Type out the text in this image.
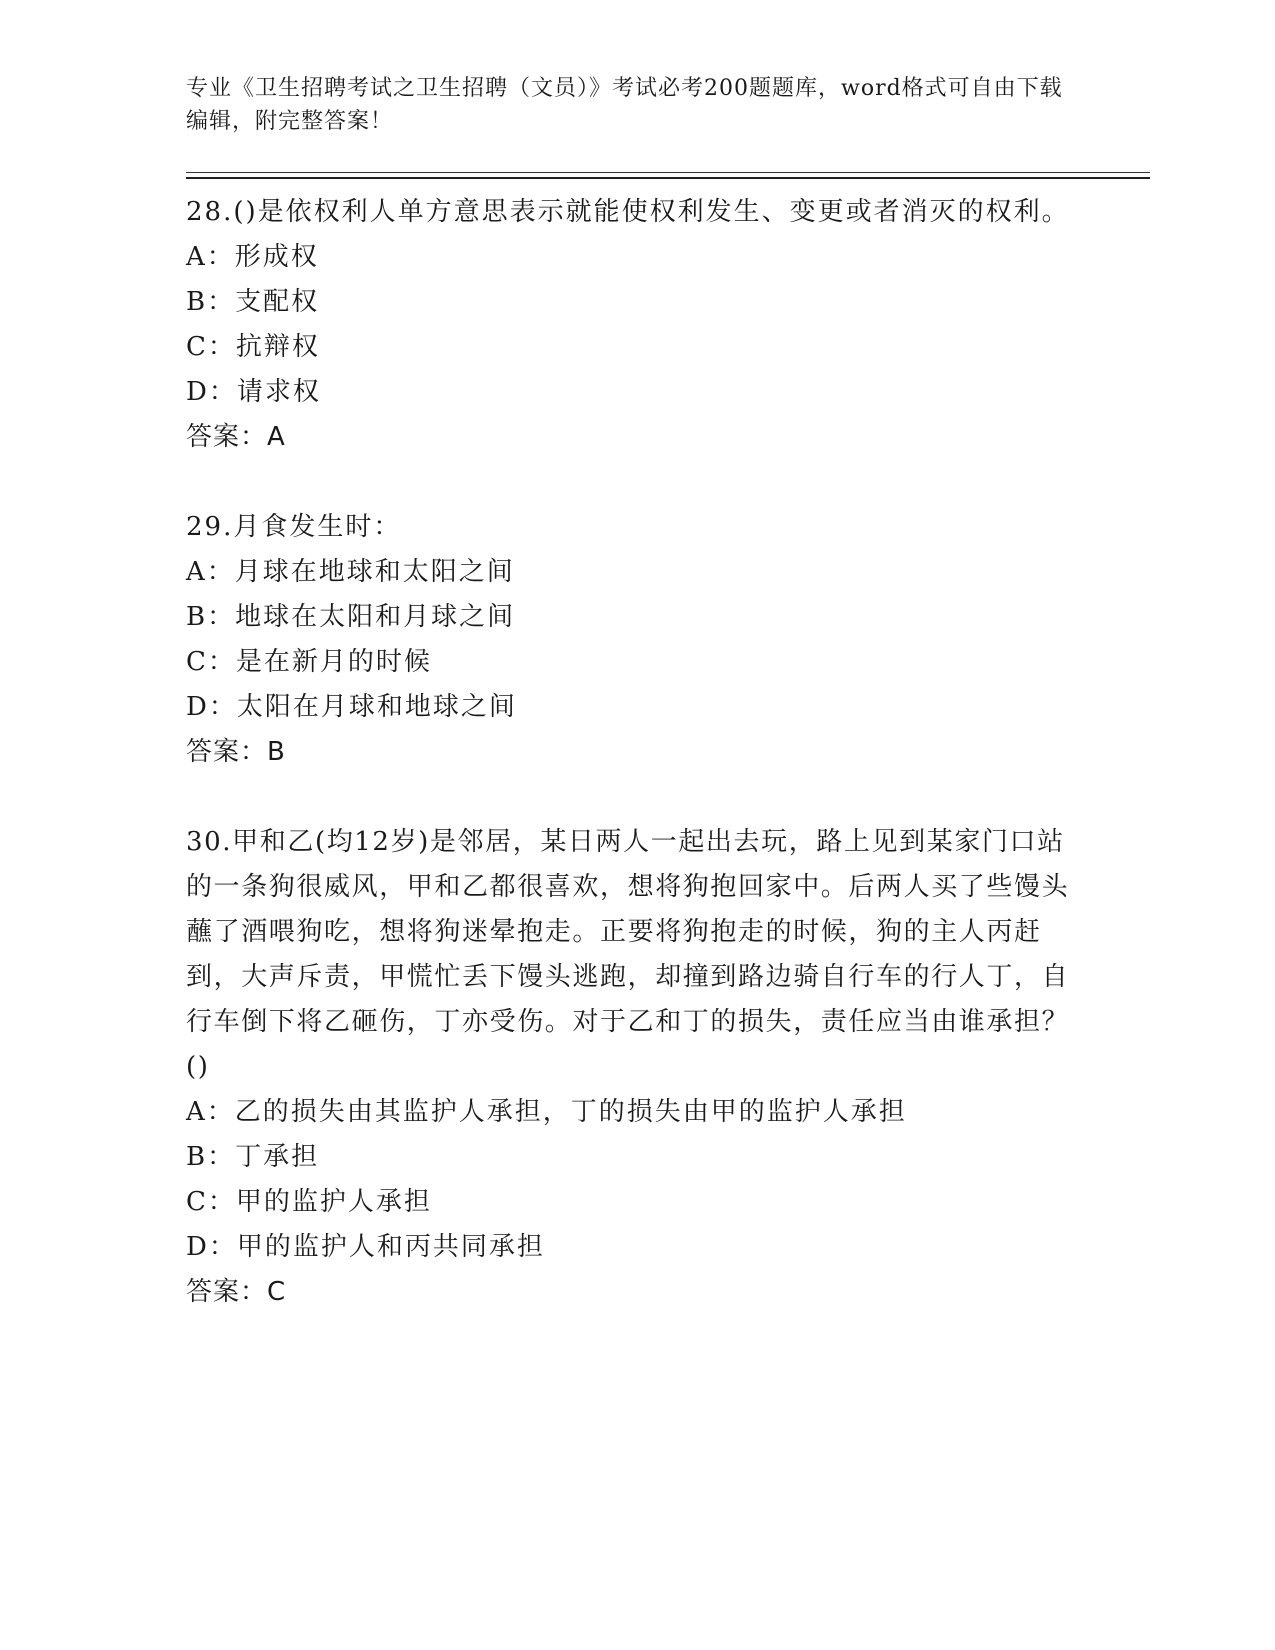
专业《卫生招聘考试之卫生招聘（文员）》考试必考200题题库，word格式可自由下载编辑，附完整答案！
28.()是依权利人单方意思表示就能使权利发生、变更或者消灭的权利。
A：形成权
B：支配权
C：抗辩权
D：请求权
答案：A
29.月食发生时：
A：月球在地球和太阳之间
B：地球在太阳和月球之间
C：是在新月的时候
D：太阳在月球和地球之间
答案：B
30.甲和乙(均12岁)是邻居，某日两人一起出去玩，路上见到某家门口站的一条狗很威风，甲和乙都很喜欢，想将狗抱回家中。后两人买了些馒头蘸了酒喂狗吃，想将狗迷晕抱走。正要将狗抱走的时候，狗的主人丙赶到，大声斥责，甲慌忙丢下馒头逃跑，却撞到路边骑自行车的行人丁，自行车倒下将乙砸伤，丁亦受伤。对于乙和丁的损失，责任应当由谁承担？()
A：乙的损失由其监护人承担，丁的损失由甲的监护人承担
B：丁承担
C：甲的监护人承担
D：甲的监护人和丙共同承担
答案：C
